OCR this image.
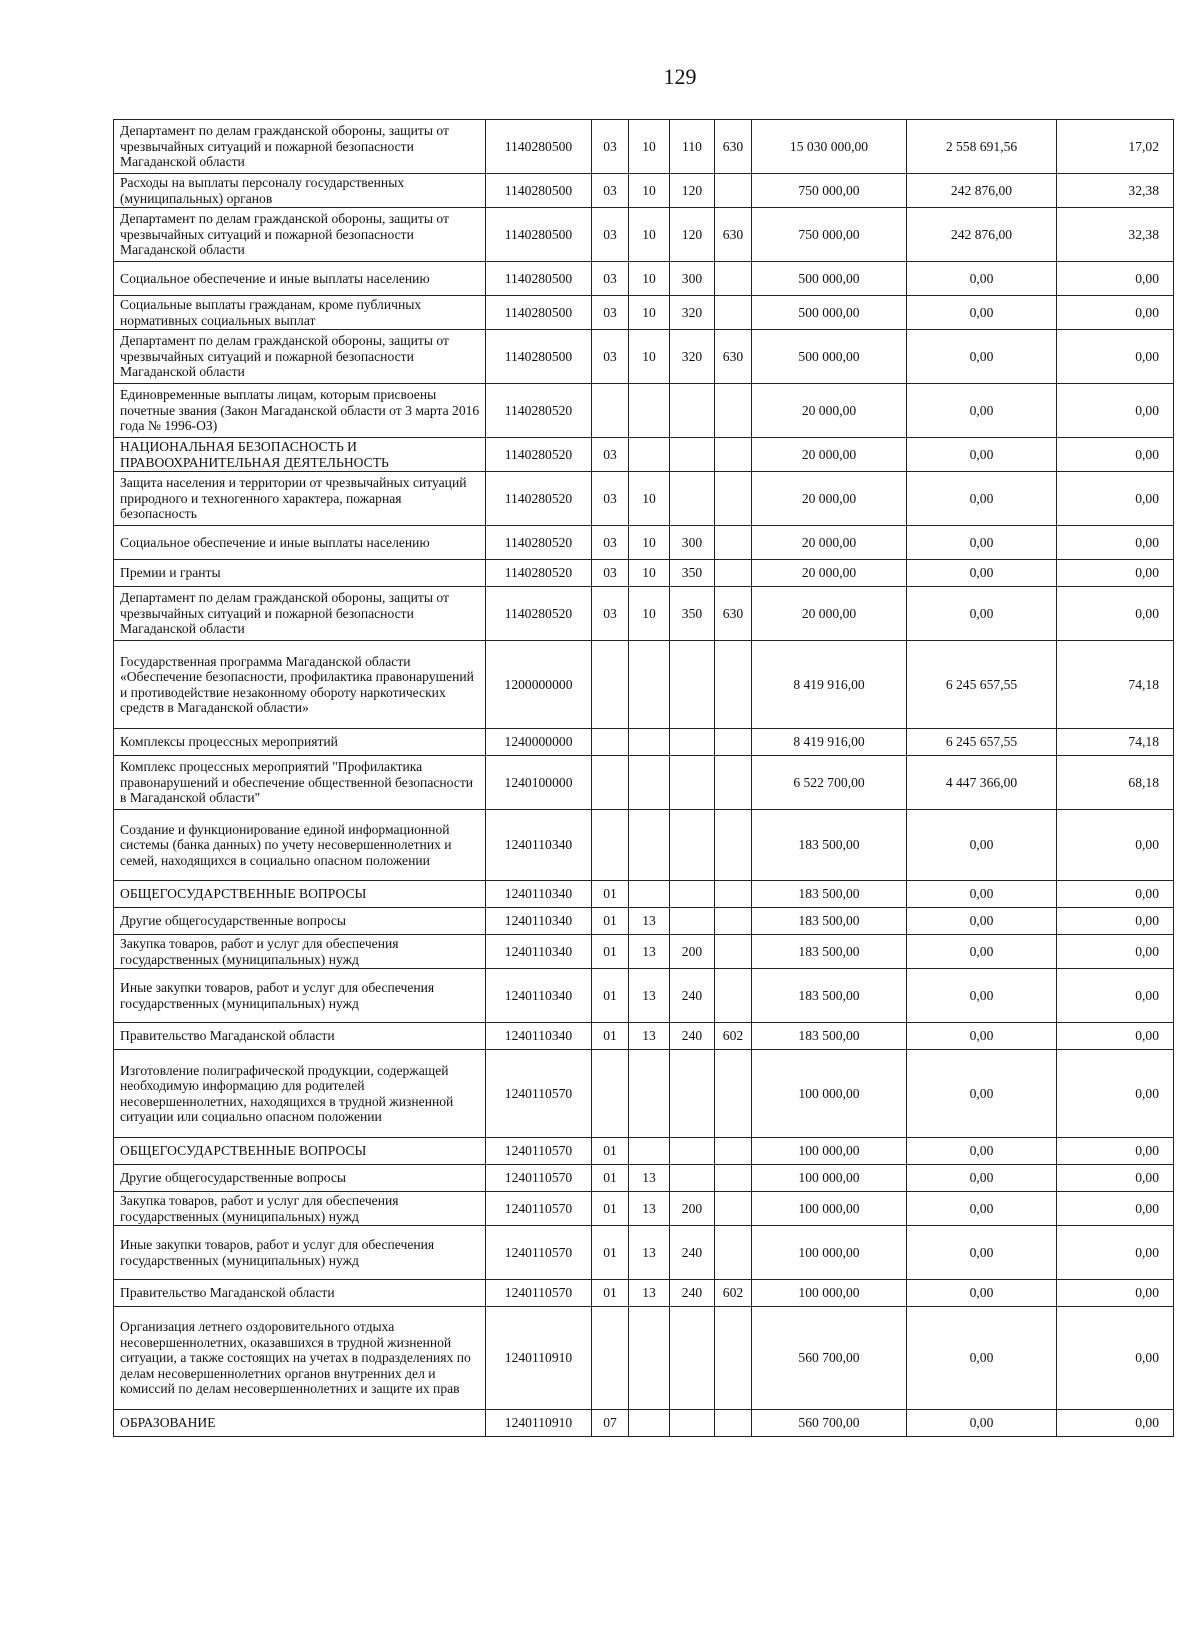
129
Департамент по делам гражданской обороны, защиты от чрезвычайных ситуаций и пожарной безопасности Магаданской области	1140280500	03	10	110	630	15 030 000,00	2 558 691,56	17,02
Расходы на выплаты персоналу государственных (муниципальных) органов	1140280500	03	10	120		750 000,00	242 876,00	32,38
Департамент по делам гражданской обороны, защиты от чрезвычайных ситуаций и пожарной безопасности Магаданской области	1140280500	03	10	120	630	750 000,00	242 876,00	32,38
Социальное обеспечение и иные выплаты населению	1140280500	03	10	300		500 000,00	0,00	0,00
Социальные выплаты гражданам, кроме публичных нормативных социальных выплат	1140280500	03	10	320		500 000,00	0,00	0,00
Департамент по делам гражданской обороны, защиты от чрезвычайных ситуаций и пожарной безопасности Магаданской области	1140280500	03	10	320	630	500 000,00	0,00	0,00
Единовременные выплаты лицам, которым присвоены почетные звания (Закон Магаданской области от 3 марта 2016 года № 1996-ОЗ)	1140280520					20 000,00	0,00	0,00
НАЦИОНАЛЬНАЯ БЕЗОПАСНОСТЬ И ПРАВООХРАНИТЕЛЬНАЯ ДЕЯТЕЛЬНОСТЬ	1140280520	03				20 000,00	0,00	0,00
Защита населения и территории от чрезвычайных ситуаций природного и техногенного характера, пожарная безопасность	1140280520	03	10			20 000,00	0,00	0,00
Социальное обеспечение и иные выплаты населению	1140280520	03	10	300		20 000,00	0,00	0,00
Премии и гранты	1140280520	03	10	350		20 000,00	0,00	0,00
Департамент по делам гражданской обороны, защиты от чрезвычайных ситуаций и пожарной безопасности Магаданской области	1140280520	03	10	350	630	20 000,00	0,00	0,00
Государственная программа Магаданской области «Обеспечение безопасности, профилактика правонарушений и противодействие незаконному обороту наркотических средств в Магаданской области»	1200000000					8 419 916,00	6 245 657,55	74,18
Комплексы процессных мероприятий	1240000000					8 419 916,00	6 245 657,55	74,18
Комплекс процессных мероприятий "Профилактика правонарушений и обеспечение общественной безопасности в Магаданской области"	1240100000					6 522 700,00	4 447 366,00	68,18
Создание и функционирование единой информационной системы (банка данных) по учету несовершеннолетних и семей, находящихся в социально опасном положении	1240110340					183 500,00	0,00	0,00
ОБЩЕГОСУДАРСТВЕННЫЕ ВОПРОСЫ	1240110340	01				183 500,00	0,00	0,00
Другие общегосударственные вопросы	1240110340	01	13			183 500,00	0,00	0,00
Закупка товаров, работ и услуг для обеспечения государственных (муниципальных) нужд	1240110340	01	13	200		183 500,00	0,00	0,00
Иные закупки товаров, работ и услуг для обеспечения государственных (муниципальных) нужд	1240110340	01	13	240		183 500,00	0,00	0,00
Правительство Магаданской области	1240110340	01	13	240	602	183 500,00	0,00	0,00
Изготовление полиграфической продукции, содержащей необходимую информацию для родителей несовершеннолетних, находящихся в трудной жизненной ситуации или социально опасном положении	1240110570					100 000,00	0,00	0,00
ОБЩЕГОСУДАРСТВЕННЫЕ ВОПРОСЫ	1240110570	01				100 000,00	0,00	0,00
Другие общегосударственные вопросы	1240110570	01	13			100 000,00	0,00	0,00
Закупка товаров, работ и услуг для обеспечения государственных (муниципальных) нужд	1240110570	01	13	200		100 000,00	0,00	0,00
Иные закупки товаров, работ и услуг для обеспечения государственных (муниципальных) нужд	1240110570	01	13	240		100 000,00	0,00	0,00
Правительство Магаданской области	1240110570	01	13	240	602	100 000,00	0,00	0,00
Организация летнего оздоровительного отдыха несовершеннолетних, оказавшихся в трудной жизненной ситуации, а также состоящих на учетах в подразделениях по делам несовершеннолетних органов внутренних дел и комиссий по делам несовершеннолетних и защите их прав	1240110910					560 700,00	0,00	0,00
ОБРАЗОВАНИЕ	1240110910	07				560 700,00	0,00	0,00
